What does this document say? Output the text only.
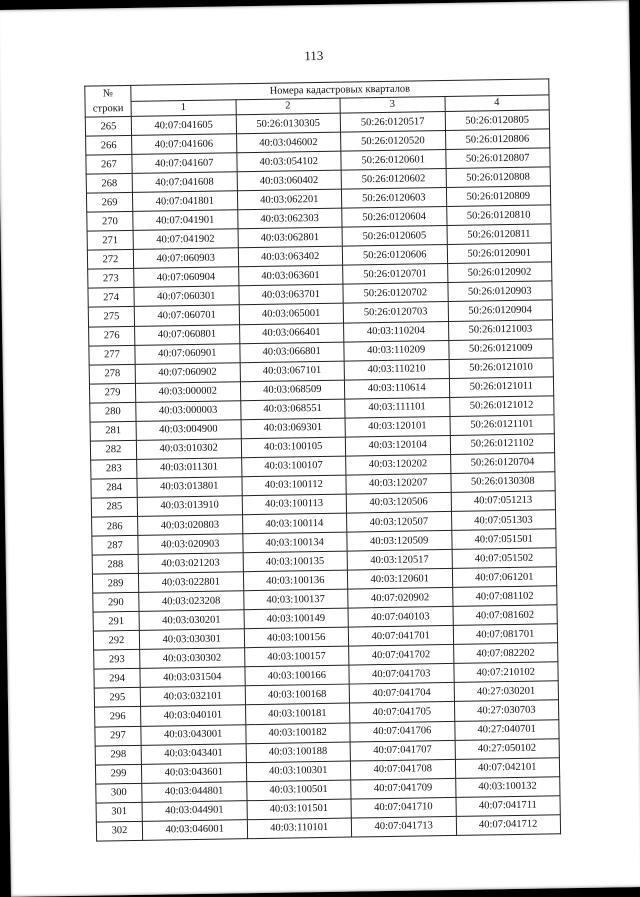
113
№
строки	Номера кадастровых кварталов			
	1	2	3	4
265	40:07:041605	50:26:0130305	50:26:0120517	50:26:0120805
266	40:07:041606	40:03:046002	50:26:0120520	50:26:0120806
267	40:07:041607	40:03:054102	50:26:0120601	50:26:0120807
268	40:07:041608	40:03:060402	50:26:0120602	50:26:0120808
269	40:07:041801	40:03:062201	50:26:0120603	50:26:0120809
270	40:07:041901	40:03:062303	50:26:0120604	50:26:0120810
271	40:07:041902	40:03:062801	50:26:0120605	50:26:0120811
272	40:07:060903	40:03:063402	50:26:0120606	50:26:0120901
273	40:07:060904	40:03:063601	50:26:0120701	50:26:0120902
274	40:07:060301	40:03:063701	50:26:0120702	50:26:0120903
275	40:07:060701	40:03:065001	50:26:0120703	50:26:0120904
276	40:07:060801	40:03:066401	40:03:110204	50:26:0121003
277	40:07:060901	40:03:066801	40:03:110209	50:26:0121009
278	40:07:060902	40:03:067101	40:03:110210	50:26:0121010
279	40:03:000002	40:03:068509	40:03:110614	50:26:0121011
280	40:03:000003	40:03:068551	40:03:111101	50:26:0121012
281	40:03:004900	40:03:069301	40:03:120101	50:26:0121101
282	40:03:010302	40:03:100105	40:03:120104	50:26:0121102
283	40:03:011301	40:03:100107	40:03:120202	50:26:0120704
284	40:03:013801	40:03:100112	40:03:120207	50:26:0130308
285	40:03:013910	40:03:100113	40:03:120506	40:07:051213
286	40:03:020803	40:03:100114	40:03:120507	40:07:051303
287	40:03:020903	40:03:100134	40:03:120509	40:07:051501
288	40:03:021203	40:03:100135	40:03:120517	40:07:051502
289	40:03:022801	40:03:100136	40:03:120601	40:07:061201
290	40:03:023208	40:03:100137	40:07:020902	40:07:081102
291	40:03:030201	40:03:100149	40:07:040103	40:07:081602
292	40:03:030301	40:03:100156	40:07:041701	40:07:081701
293	40:03:030302	40:03:100157	40:07:041702	40:07:082202
294	40:03:031504	40:03:100166	40:07:041703	40:07:210102
295	40:03:032101	40:03:100168	40:07:041704	40:27:030201
296	40:03:040101	40:03:100181	40:07:041705	40:27:030703
297	40:03:043001	40:03:100182	40:07:041706	40:27:040701
298	40:03:043401	40:03:100188	40:07:041707	40:27:050102
299	40:03:043601	40:03:100301	40:07:041708	40:07:042101
300	40:03:044801	40:03:100501	40:07:041709	40:03:100132
301	40:03:044901	40:03:101501	40:07:041710	40:07:041711
302	40:03:046001	40:03:110101	40:07:041713	40:07:041712
